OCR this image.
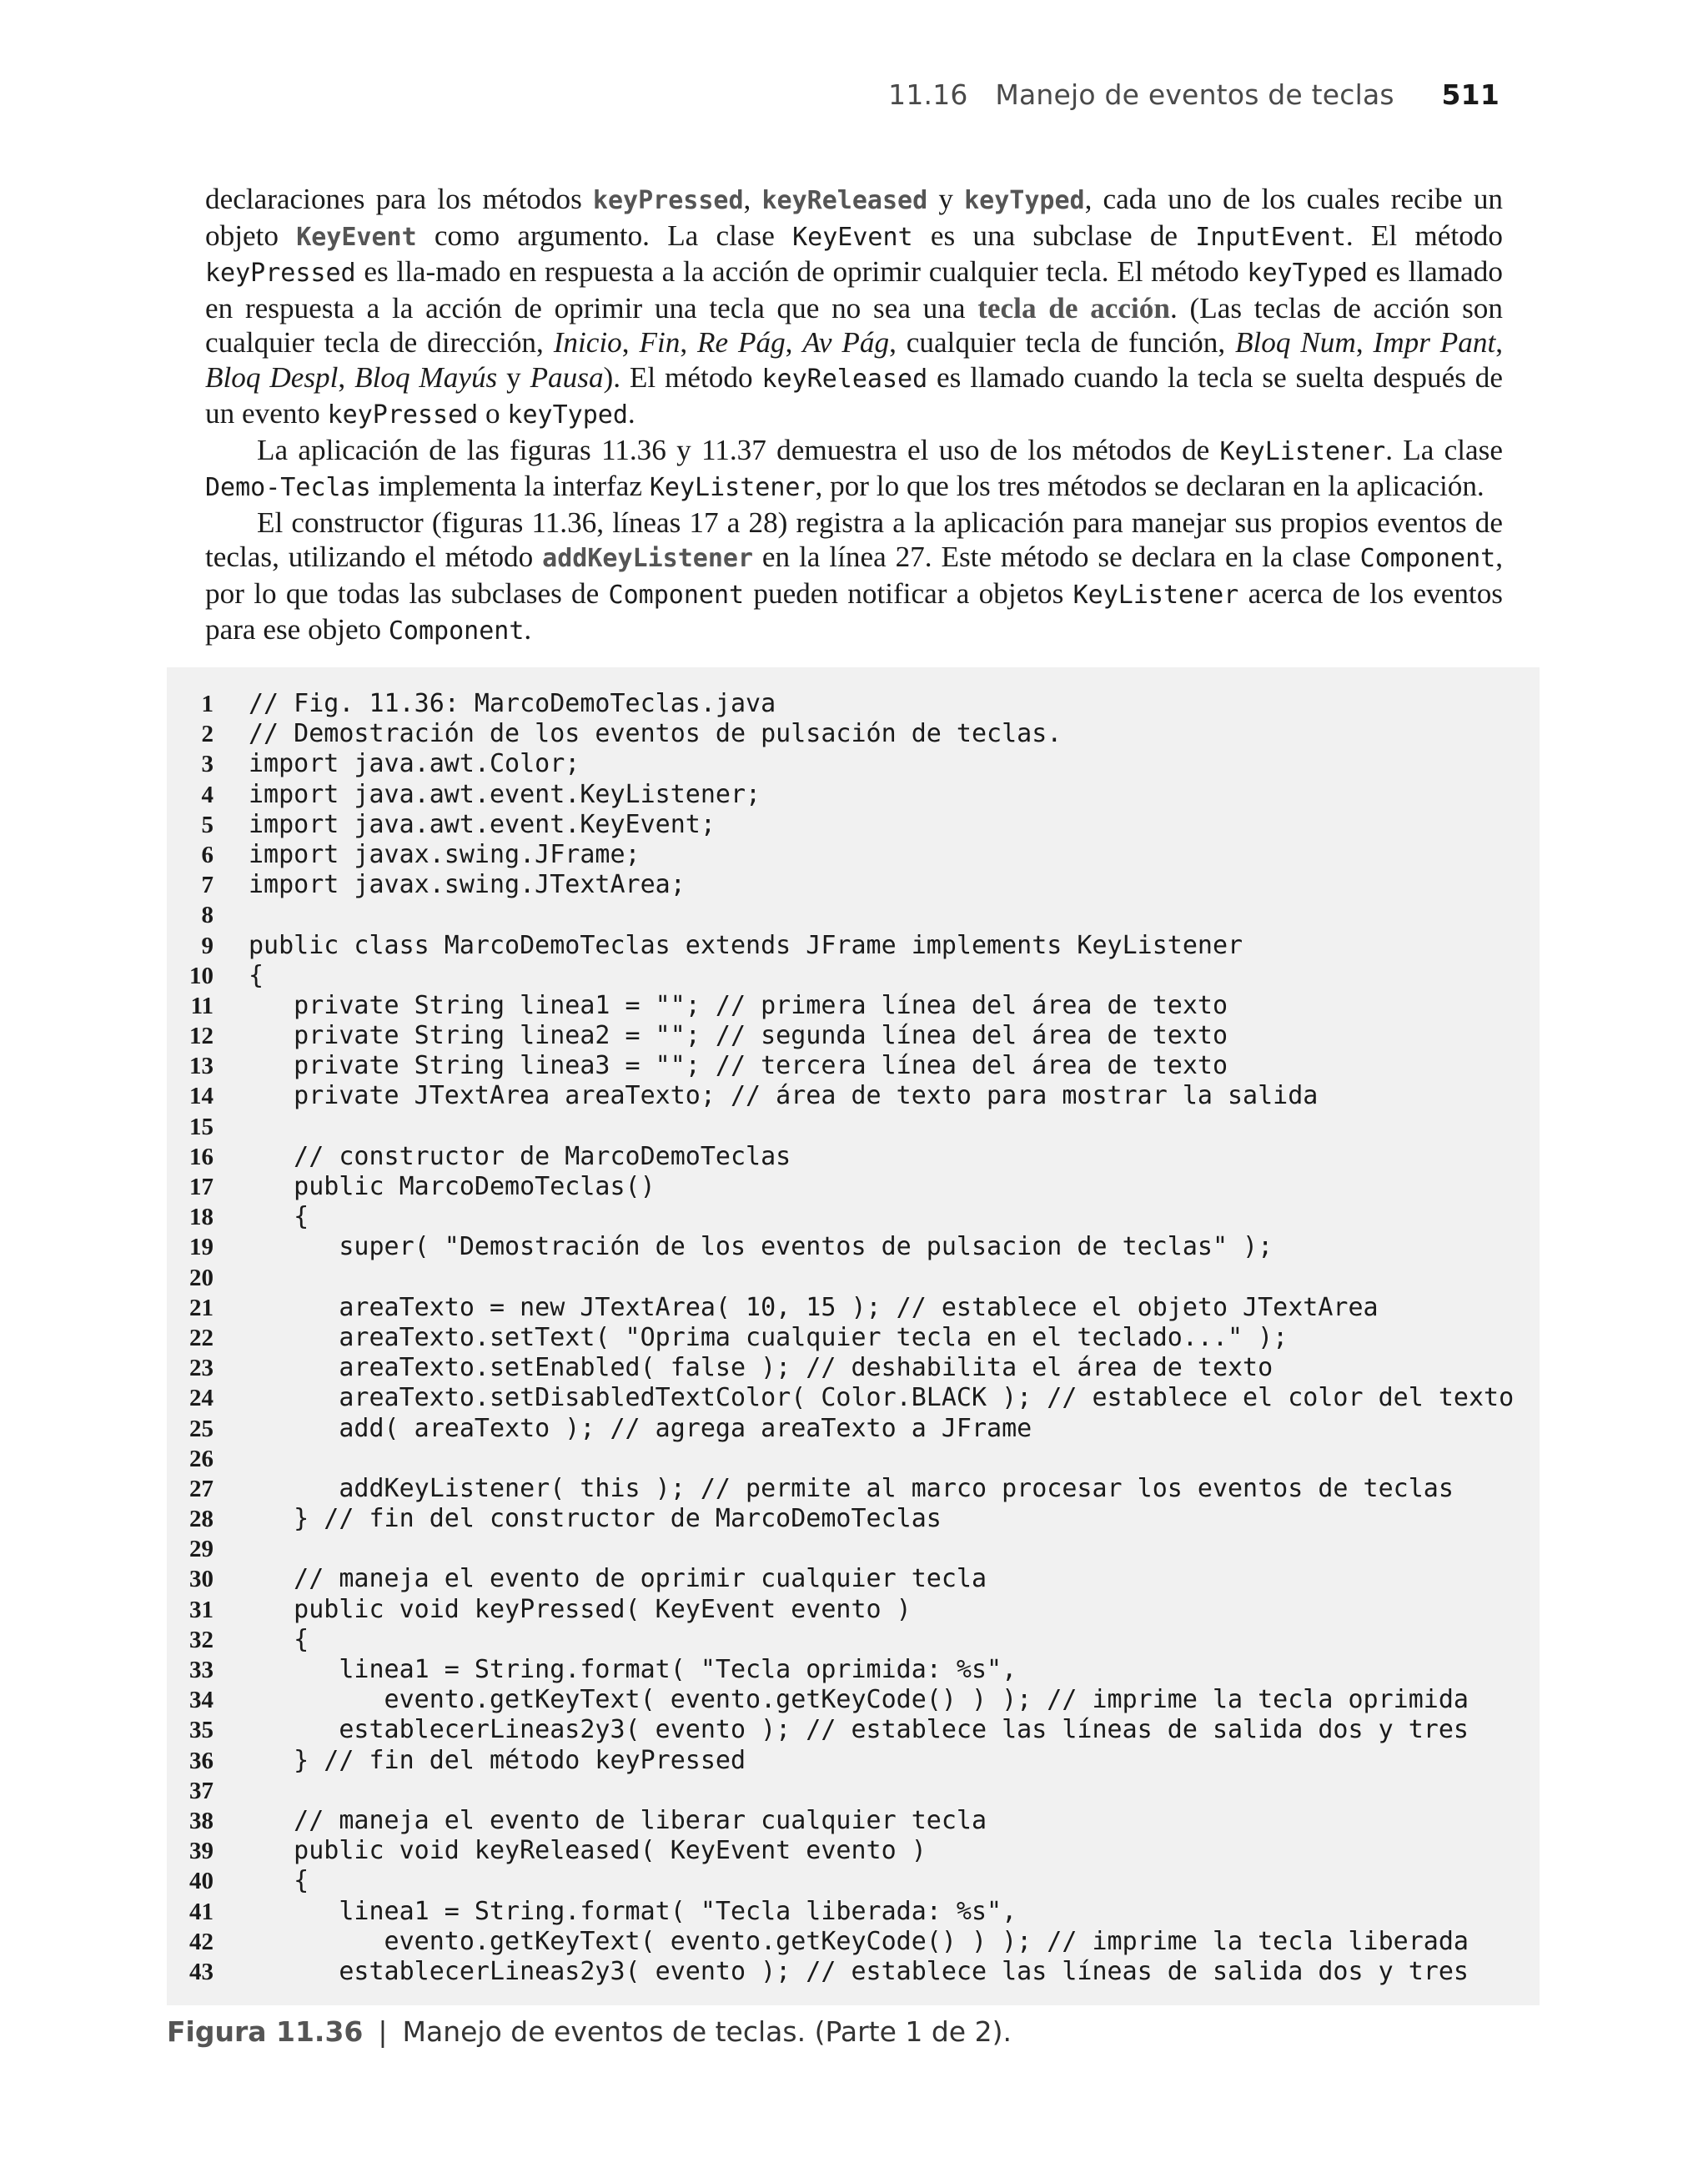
11.16 Manejo de eventos de teclas 511

declaraciones para los métodos keyPressed, keyReleased y keyTyped, cada uno de los cuales recibe un objeto KeyEvent como argumento. La clase KeyEvent es una subclase de InputEvent. El método keyPressed es lla-mado en respuesta a la acción de oprimir cualquier tecla. El método keyTyped es llamado en respuesta a la acción de oprimir una tecla que no sea una tecla de acción. (Las teclas de acción son cualquier tecla de dirección, Inicio, Fin, Re Pág, Av Pág, cualquier tecla de función, Bloq Num, Impr Pant, Bloq Despl, Bloq Mayús y Pausa). El método keyReleased es llamado cuando la tecla se suelta después de un evento keyPressed o keyTyped.

La aplicación de las figuras 11.36 y 11.37 demuestra el uso de los métodos de KeyListener. La clase Demo-Teclas implementa la interfaz KeyListener, por lo que los tres métodos se declaran en la aplicación.

El constructor (figuras 11.36, líneas 17 a 28) registra a la aplicación para manejar sus propios eventos de teclas, utilizando el método addKeyListener en la línea 27. Este método se declara en la clase Component, por lo que todas las subclases de Component pueden notificar a objetos KeyListener acerca de los eventos para ese objeto Component.

1 // Fig. 11.36: MarcoDemoTeclas.java
2 // Demostración de los eventos de pulsación de teclas.
3 import java.awt.Color;
4 import java.awt.event.KeyListener;
5 import java.awt.event.KeyEvent;
6 import javax.swing.JFrame;
7 import javax.swing.JTextArea;
8
9 public class MarcoDemoTeclas extends JFrame implements KeyListener
10 {
11 private String linea1 = ""; // primera línea del área de texto
12 private String linea2 = ""; // segunda línea del área de texto
13 private String linea3 = ""; // tercera línea del área de texto
14 private JTextArea areaTexto; // área de texto para mostrar la salida
15
16 // constructor de MarcoDemoTeclas
17 public MarcoDemoTeclas()
18 {
19 super( "Demostración de los eventos de pulsacion de teclas" );
20
21 areaTexto = new JTextArea( 10, 15 ); // establece el objeto JTextArea
22 areaTexto.setText( "Oprima cualquier tecla en el teclado..." );
23 areaTexto.setEnabled( false ); // deshabilita el área de texto
24 areaTexto.setDisabledTextColor( Color.BLACK ); // establece el color del texto
25 add( areaTexto ); // agrega areaTexto a JFrame
26
27 addKeyListener( this ); // permite al marco procesar los eventos de teclas
28 } // fin del constructor de MarcoDemoTeclas
29
30 // maneja el evento de oprimir cualquier tecla
31 public void keyPressed( KeyEvent evento )
32 {
33 linea1 = String.format( "Tecla oprimida: %s",
34 evento.getKeyText( evento.getKeyCode() ) ); // imprime la tecla oprimida
35 establecerLineas2y3( evento ); // establece las líneas de salida dos y tres
36 } // fin del método keyPressed
37
38 // maneja el evento de liberar cualquier tecla
39 public void keyReleased( KeyEvent evento )
40 {
41 linea1 = String.format( "Tecla liberada: %s",
42 evento.getKeyText( evento.getKeyCode() ) ); // imprime la tecla liberada
43 establecerLineas2y3( evento ); // establece las líneas de salida dos y tres
Figura 11.36 | Manejo de eventos de teclas. (Parte 1 de 2).
